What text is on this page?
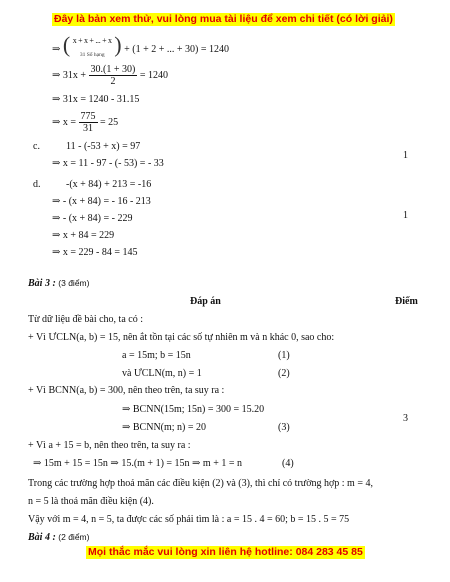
Đây là bản xem thử, vui lòng mua tài liệu để xem chi tiết (có lời giải)
⇒ ( x + x + ... + x
31 Số hạng ) + (1 + 2 + ... + 30) = 1240
⇒ $31x + \frac{30.(1 + 30)}{2} = 1240$
⇒ 31x = 1240 - 31.15
⇒ $x = \frac{775}{31} = 25$
c.	11 - (-53 + x) = 97
⇒ x = 11 - 97 - (- 53) = - 33
1
d.	-(x + 84) + 213 = -16
⇒ - (x + 84) = - 16 - 213
⇒ - (x + 84) = - 229
⇒ x + 84 = 229
⇒ x = 229 - 84 = 145
1
Bài 3 : (3 điểm)
Đáp án	Điểm
Từ dữ liệu đề bài cho, ta có :
+ Vì ƯCLN(a, b) = 15, nên ắt tồn tại các số tự nhiên m và n khác 0, sao cho:
a = 15m; b = 15n	(1)
và ƯCLN(m, n) = 1	(2)
+ Vì BCNN(a, b) = 300, nên theo trên, ta suy ra :
⇒ BCNN(15m; 15n) = 300 = 15.20
⇒ BCNN(m; n) = 20	(3)
3
+ Vì a + 15 = b, nên theo trên, ta suy ra :
⇒ 15m + 15 = 15n ⇒ 15.(m + 1) = 15n ⇒ m + 1 = n	(4)
Trong các trường hợp thoả mãn các điều kiện (2) và (3), thì chỉ có trường hợp : m = 4,
n = 5 là thoả mãn điều kiện (4).
Vậy với m = 4, n = 5, ta được các số phải tìm là : a = 15 . 4 = 60; b = 15 . 5 = 75
Bài 4 : (2 điểm)
Mọi thắc mắc vui lòng xin liên hệ hotline: 084 283 45 85
